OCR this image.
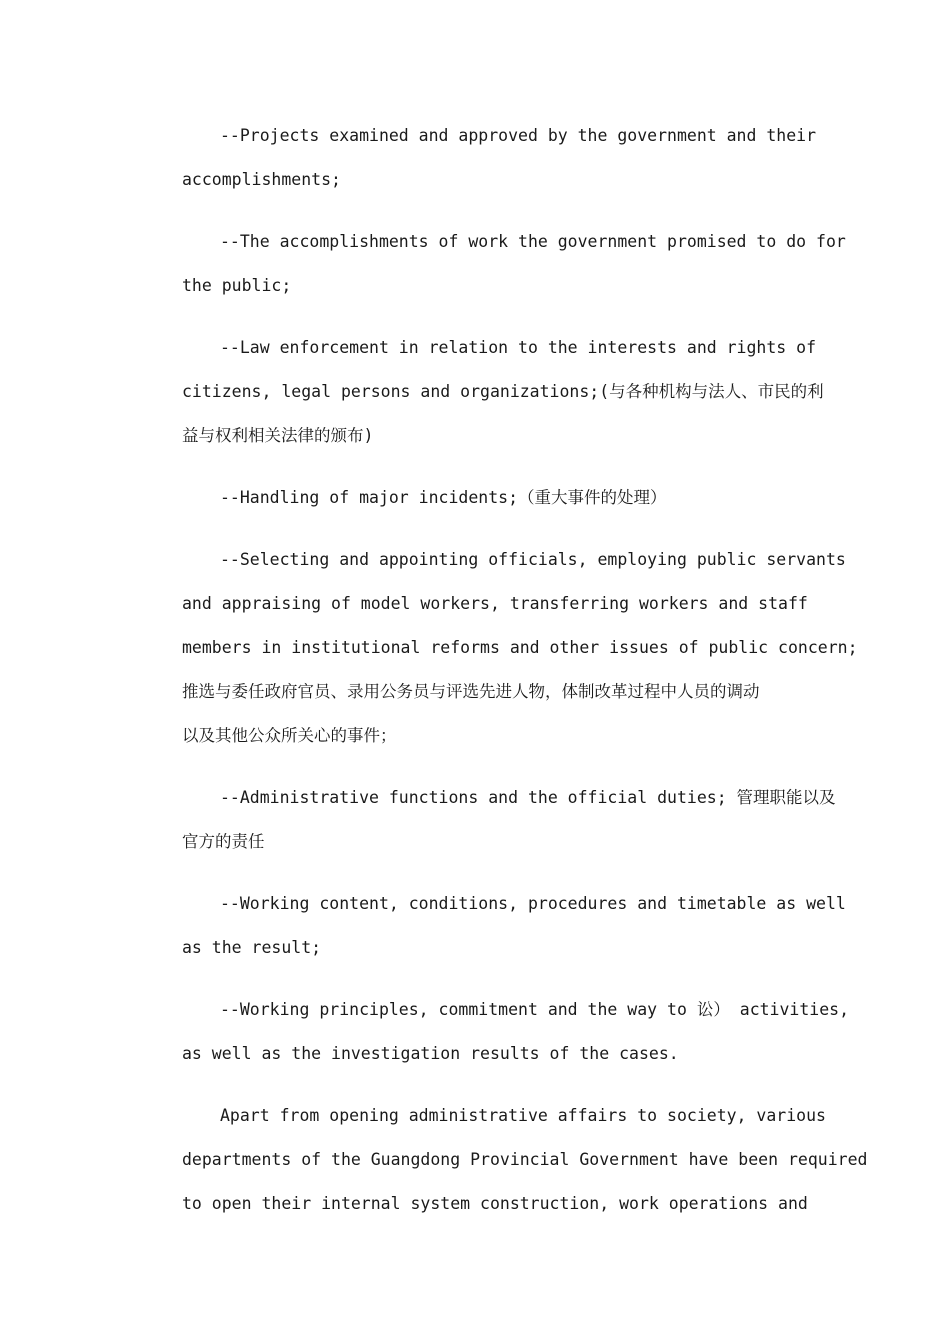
--Projects examined and approved by the government and their
accomplishments;

--The accomplishments of work the government promised to do for
the public;

--Law enforcement in relation to the interests and rights of
citizens, legal persons and organizations;(与各种机构与法人、市民的利
益与权利相关法律的颁布)

--Handling of major incidents;（重大事件的处理）

--Selecting and appointing officials, employing public servants
and appraising of model workers, transferring workers and staff
members in institutional reforms and other issues of public concern;
推选与委任政府官员、录用公务员与评选先进人物，体制改革过程中人员的调动
以及其他公众所关心的事件；

--Administrative functions and the official duties; 管理职能以及
官方的责任

--Working content, conditions, procedures and timetable as well
as the result;

--Working principles, commitment and the way to 讼） activities,
as well as the investigation results of the cases.

Apart from opening administrative affairs to society, various
departments of the Guangdong Provincial Government have been required
to open their internal system construction, work operations and
